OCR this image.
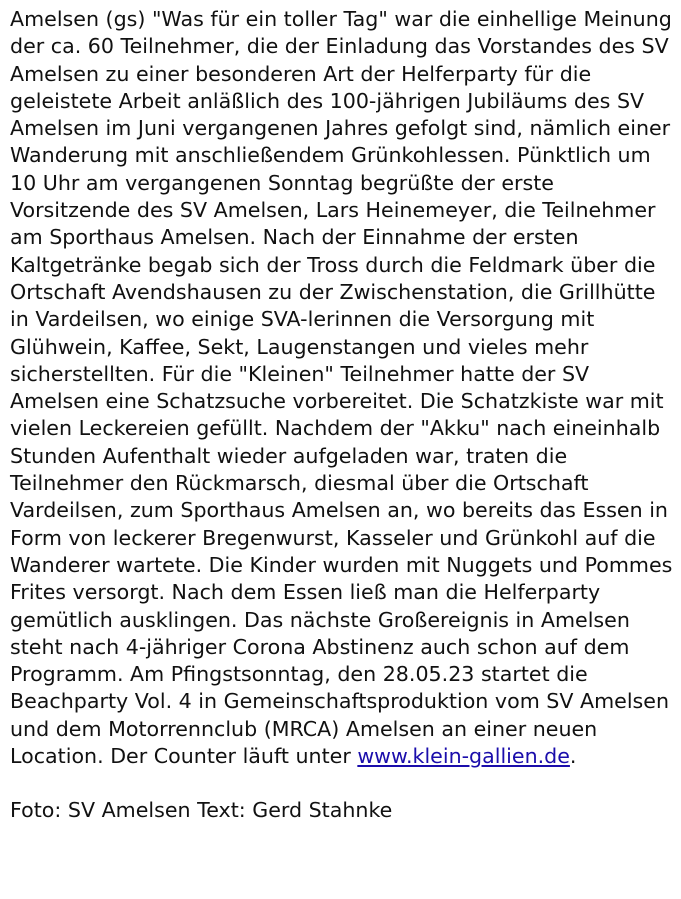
Amelsen (gs) "Was für ein toller Tag" war die einhellige Meinung der ca. 60 Teilnehmer, die der Einladung das Vorstandes des SV Amelsen zu einer besonderen Art der Helferparty für die geleistete Arbeit anläßlich des 100-jährigen Jubiläums des SV Amelsen im Juni vergangenen Jahres gefolgt sind, nämlich einer Wanderung mit anschließendem Grünkohlessen. Pünktlich um 10 Uhr am vergangenen Sonntag begrüßte der erste Vorsitzende des SV Amelsen, Lars Heinemeyer, die Teilnehmer am Sporthaus Amelsen. Nach der Einnahme der ersten Kaltgetränke begab sich der Tross durch die Feldmark über die Ortschaft Avendshausen zu der Zwischenstation, die Grillhütte in Vardeilsen, wo einige SVA-lerinnen die Versorgung mit Glühwein, Kaffee, Sekt, Laugenstangen und vieles mehr sicherstellten. Für die "Kleinen" Teilnehmer hatte der SV Amelsen eine Schatzsuche vorbereitet. Die Schatzkiste war mit vielen Leckereien gefüllt. Nachdem der "Akku" nach eineinhalb Stunden Aufenthalt wieder aufgeladen war, traten die Teilnehmer den Rückmarsch, diesmal über die Ortschaft Vardeilsen, zum Sporthaus Amelsen an, wo bereits das Essen in Form von leckerer Bregenwurst, Kasseler und Grünkohl auf die Wanderer wartete. Die Kinder wurden mit Nuggets und Pommes Frites versorgt. Nach dem Essen ließ man die Helferparty gemütlich ausklingen. Das nächste Großereignis in Amelsen steht nach 4-jähriger Corona Abstinenz auch schon auf dem Programm. Am Pfingstsonntag, den 28.05.23 startet die Beachparty Vol. 4 in Gemeinschaftsproduktion vom SV Amelsen und dem Motorrennclub (MRCA) Amelsen an einer neuen Location. Der Counter läuft unter www.klein-gallien.de.

Foto: SV Amelsen Text: Gerd Stahnke
